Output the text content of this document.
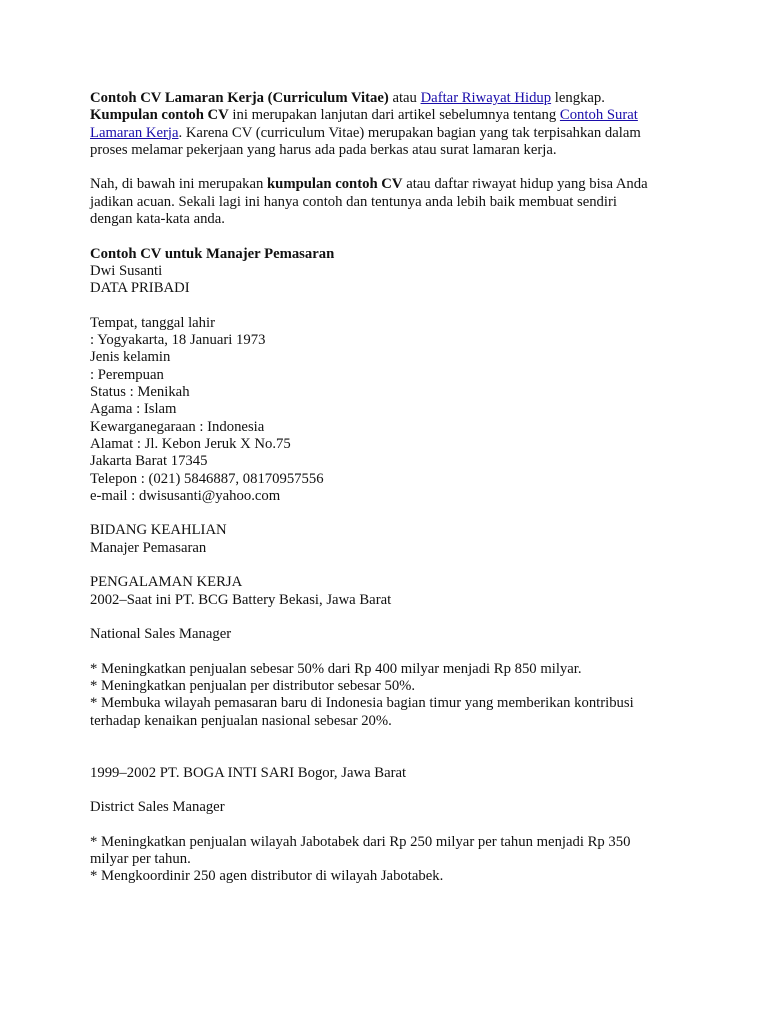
Contoh CV Lamaran Kerja (Curriculum Vitae) atau Daftar Riwayat Hidup lengkap.
Kumpulan contoh CV ini merupakan lanjutan dari artikel sebelumnya tentang Contoh Surat
Lamaran Kerja. Karena CV (curriculum Vitae) merupakan bagian yang tak terpisahkan dalam
proses melamar pekerjaan yang harus ada pada berkas atau surat lamaran kerja.
Nah, di bawah ini merupakan kumpulan contoh CV atau daftar riwayat hidup yang bisa Anda
jadikan acuan. Sekali lagi ini hanya contoh dan tentunya anda lebih baik membuat sendiri
dengan kata-kata anda.
Contoh CV untuk Manajer Pemasaran
Dwi Susanti
DATA PRIBADI
Tempat, tanggal lahir
: Yogyakarta, 18 Januari 1973
Jenis kelamin
: Perempuan
Status : Menikah
Agama : Islam
Kewarganegaraan : Indonesia
Alamat : Jl. Kebon Jeruk X No.75
Jakarta Barat 17345
Telepon : (021) 5846887, 08170957556
e-mail : dwisusanti@yahoo.com
BIDANG KEAHLIAN
Manajer Pemasaran
PENGALAMAN KERJA
2002–Saat ini PT. BCG Battery Bekasi, Jawa Barat
National Sales Manager
* Meningkatkan penjualan sebesar 50% dari Rp 400 milyar menjadi Rp 850 milyar.
* Meningkatkan penjualan per distributor sebesar 50%.
* Membuka wilayah pemasaran baru di Indonesia bagian timur yang memberikan kontribusi
terhadap kenaikan penjualan nasional sebesar 20%.
1999–2002 PT. BOGA INTI SARI Bogor, Jawa Barat
District Sales Manager
* Meningkatkan penjualan wilayah Jabotabek dari Rp 250 milyar per tahun menjadi Rp 350
milyar per tahun.
* Mengkoordinir 250 agen distributor di wilayah Jabotabek.
